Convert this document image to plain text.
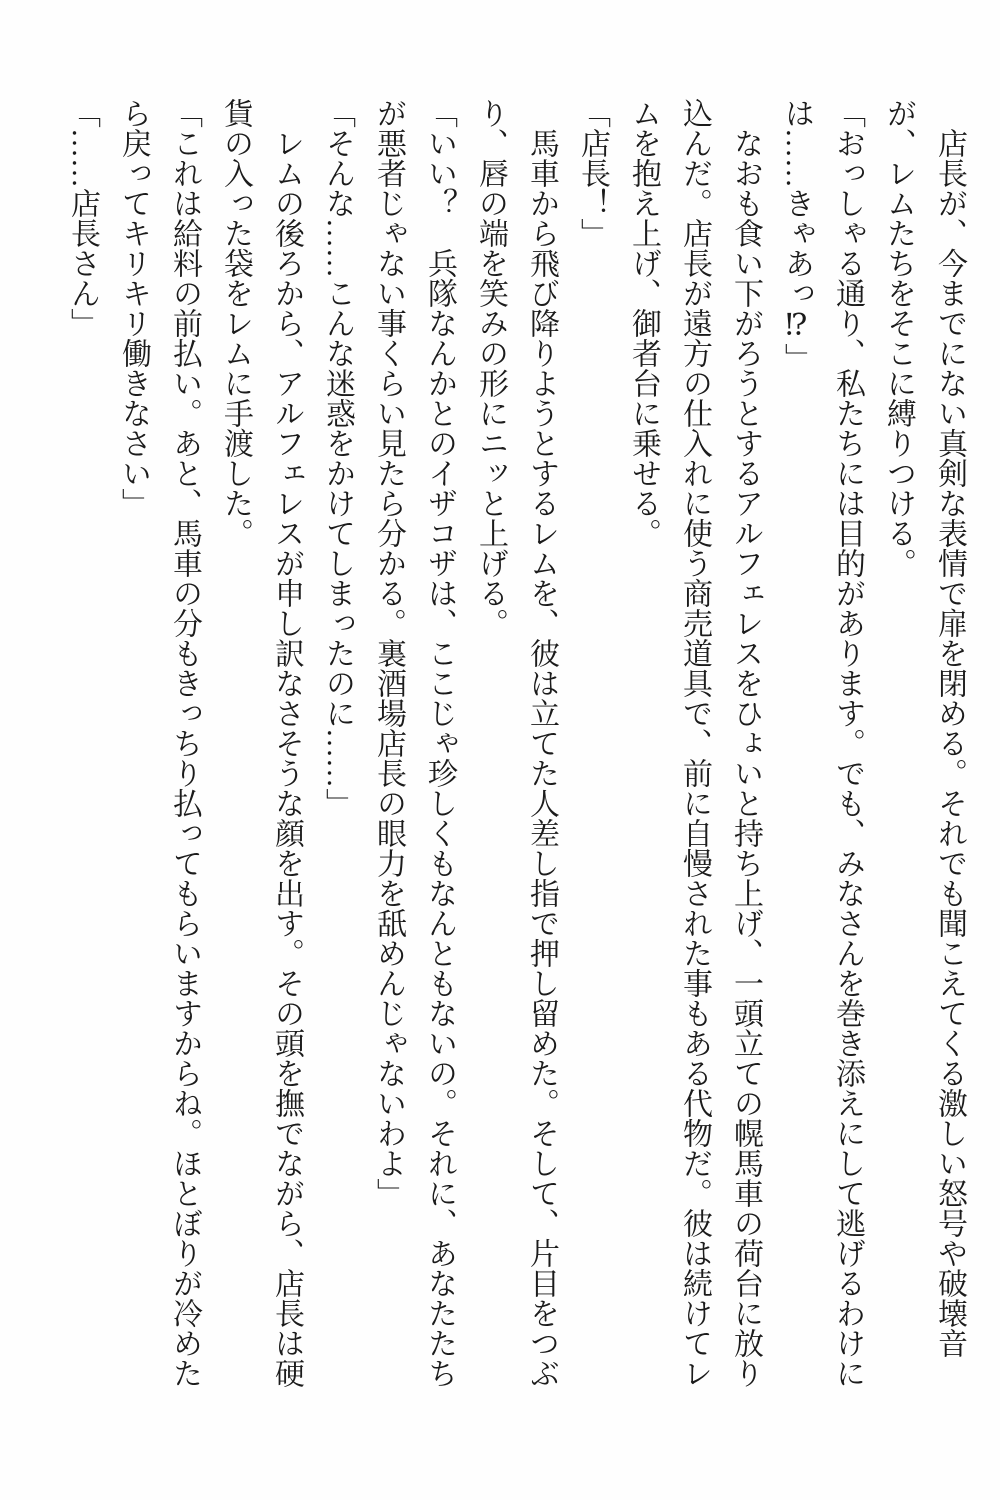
　店長が、今までにない真剣な表情で扉を閉める。それでも聞こえてくる激しい怒号や破壊音
が、レムたちをそこに縛りつける。

「おっしゃる通り、私たちには目的があります。でも、みなさんを巻き添えにして逃げるわけに
は……きゃあっ⁉」

　なおも食い下がろうとするアルフェレスをひょいと持ち上げ、一頭立ての幌馬車の荷台に放り
込んだ。店長が遠方の仕入れに使う商売道具で、前に自慢された事もある代物だ。彼は続けてレ
ムを抱え上げ、御者台に乗せる。

「店長！」

　馬車から飛び降りようとするレムを、彼は立てた人差し指で押し留めた。そして、片目をつぶ
り、唇の端を笑みの形にニッと上げる。

「いい？　兵隊なんかとのイザコザは、ここじゃ珍しくもなんともないの。それに、あなたたち
が悪者じゃない事くらい見たら分かる。裏酒場店長の眼力を舐めんじゃないわよ」

「そんな……こんな迷惑をかけてしまったのに……」

　レムの後ろから、アルフェレスが申し訳なさそうな顔を出す。その頭を撫でながら、店長は硬
貨の入った袋をレムに手渡した。

「これは給料の前払い。あと、馬車の分もきっちり払ってもらいますからね。ほとぼりが冷めた
ら戻ってキリキリ働きなさい」

「……店長さん」
